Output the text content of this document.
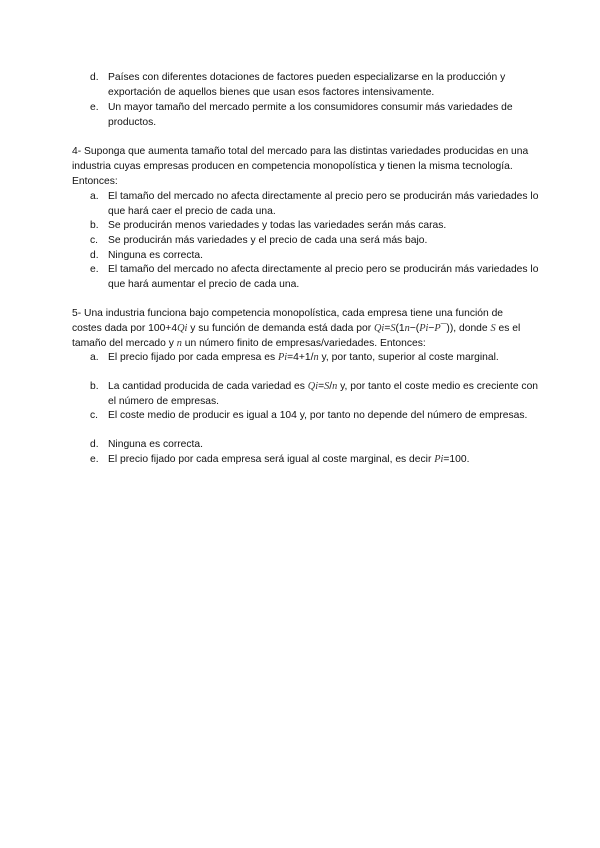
d. Países con diferentes dotaciones de factores pueden especializarse en la producción y exportación de aquellos bienes que usan esos factores intensivamente.
e. Un mayor tamaño del mercado permite a los consumidores consumir más variedades de productos.
4- Suponga que aumenta tamaño total del mercado para las distintas variedades producidas en una industria cuyas empresas producen en competencia monopolística y tienen la misma tecnología. Entonces:
a. El tamaño del mercado no afecta directamente al precio pero se producirán más variedades lo que hará caer el precio de cada una.
b. Se producirán menos variedades y todas las variedades serán más caras.
c. Se producirán más variedades y el precio de cada una será más bajo.
d. Ninguna es correcta.
e. El tamaño del mercado no afecta directamente al precio pero se producirán más variedades lo que hará aumentar el precio de cada una.
5- Una industria funciona bajo competencia monopolística, cada empresa tiene una función de costes dada por 100+4Qi y su función de demanda está dada por Qi=S(1n−(Pi−P¯)), donde S es el tamaño del mercado y n un número finito de empresas/variedades. Entonces:
a. El precio fijado por cada empresa es Pi=4+1/n y, por tanto, superior al coste marginal.
b. La cantidad producida de cada variedad es Qi=S/n y, por tanto el coste medio es creciente con el número de empresas.
c. El coste medio de producir es igual a 104 y, por tanto no depende del número de empresas.
d. Ninguna es correcta.
e. El precio fijado por cada empresa será igual al coste marginal, es decir Pi=100.
